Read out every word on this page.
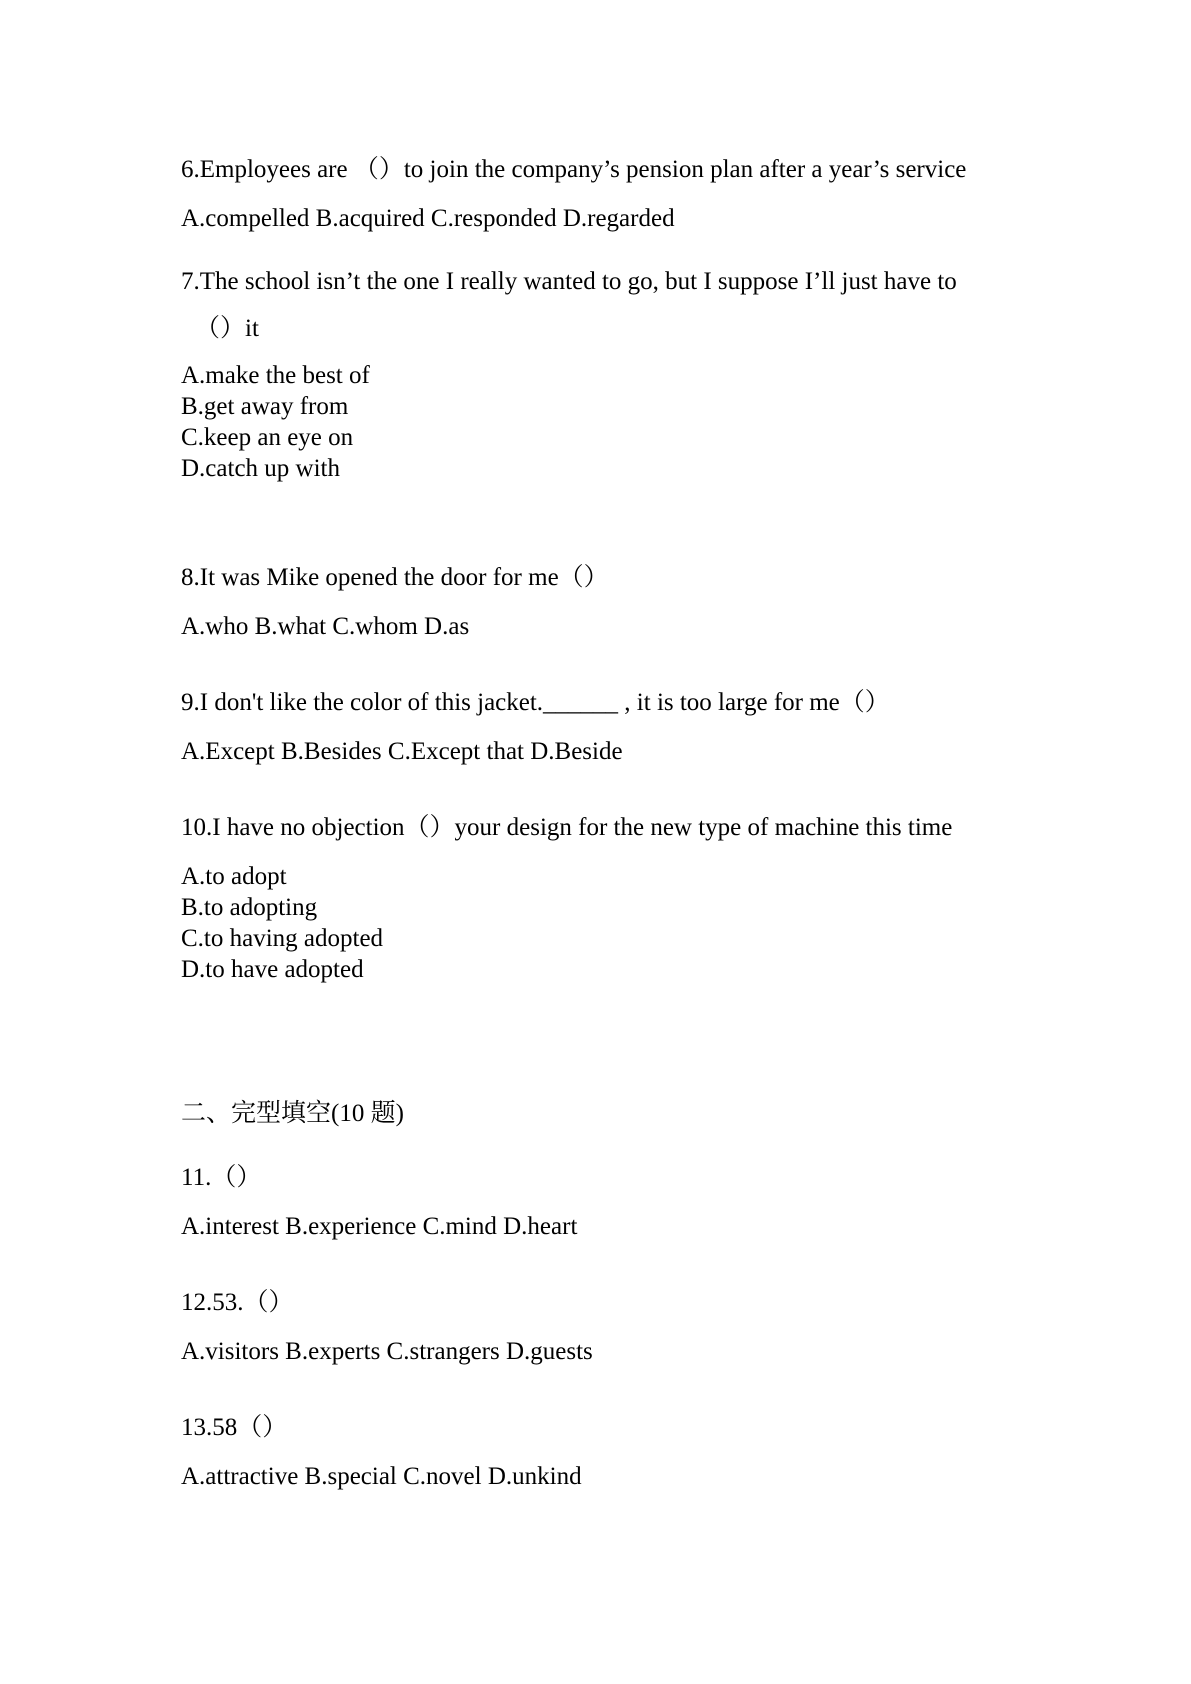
6.Employees are （）to join the company’s pension plan after a year’s service
A.compelled B.acquired C.responded D.regarded
7.The school isn’t the one I really wanted to go, but I suppose I’ll just have to
（）it
A.make the best of
B.get away from
C.keep an eye on
D.catch up with
8.It was Mike opened the door for me（）
A.who B.what C.whom D.as
9.I don't like the color of this jacket.______ , it is too large for me（）
A.Except B.Besides C.Except that D.Beside
10.I have no objection（）your design for the new type of machine this time
A.to adopt
B.to adopting
C.to having adopted
D.to have adopted
二、完型填空(10 题)
11.（）
A.interest B.experience C.mind D.heart
12.53.（）
A.visitors B.experts C.strangers D.guests
13.58（）
A.attractive B.special C.novel D.unkind
